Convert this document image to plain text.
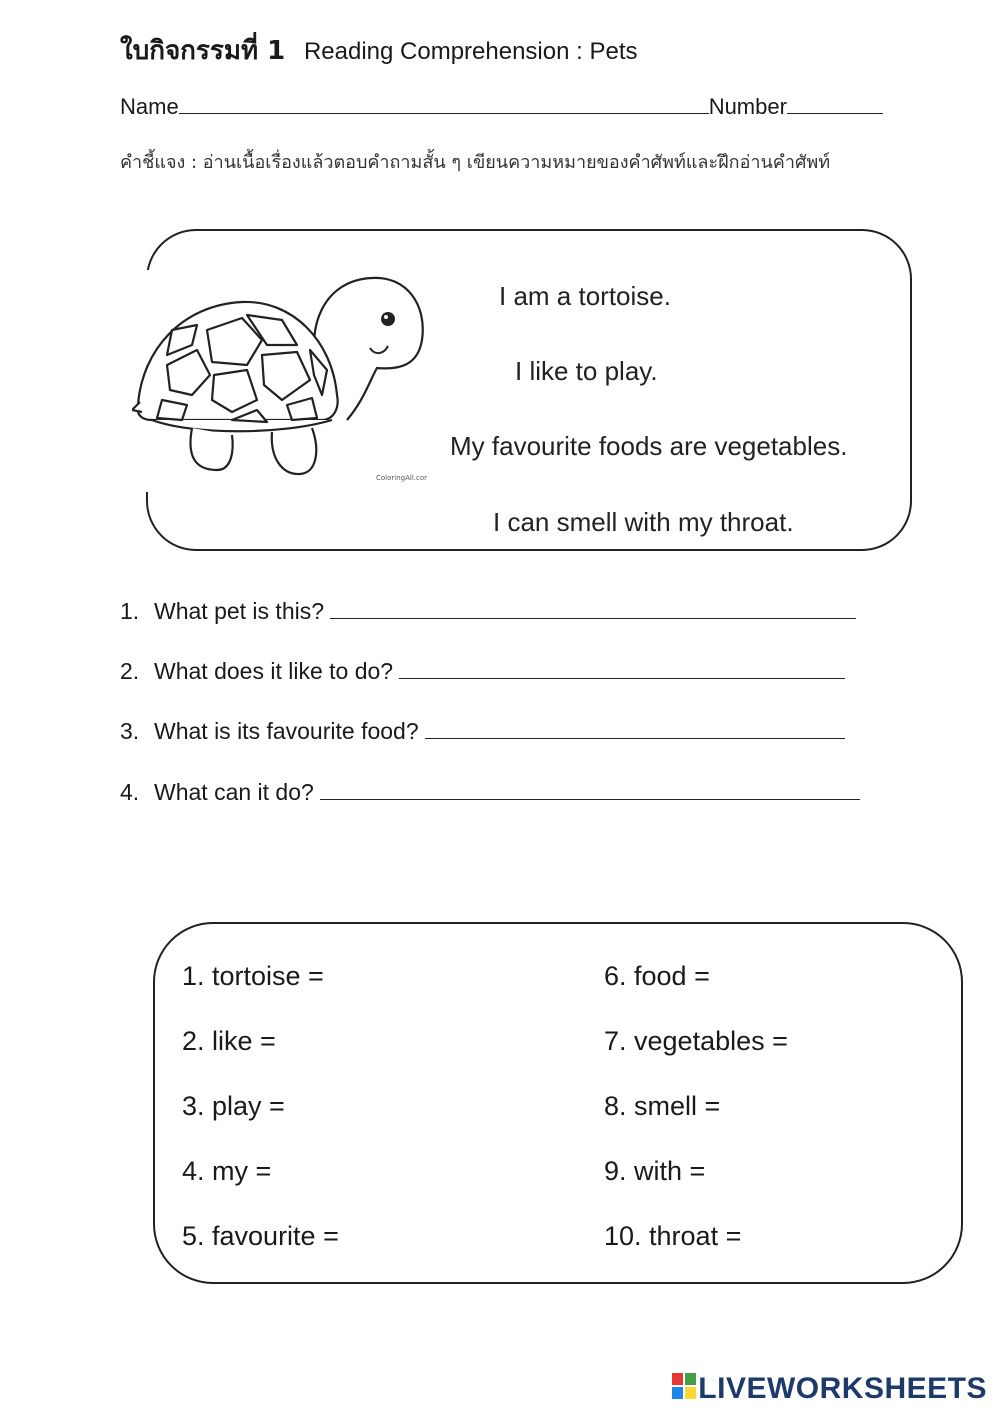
ใบกิจกรรมที่ 1 Reading Comprehension : Pets
Name	Number
คำชี้แจง : อ่านเนื้อเรื่องแล้วตอบคำถามสั้น ๆ เขียนความหมายของคำศัพท์และฝึกอ่านคำศัพท์
ColoringAll.com
I am a tortoise.
I like to play.
My favourite foods are vegetables.
I can smell with my throat.
1. What pet is this?
2. What does it like to do?
3. What is its favourite food?
4. What can it do?
1. tortoise =
2. like =
3. play =
4. my =
5. favourite =
6. food =
7. vegetables =
8. smell =
9. with =
10. throat =
LIVEWORKSHEETS
